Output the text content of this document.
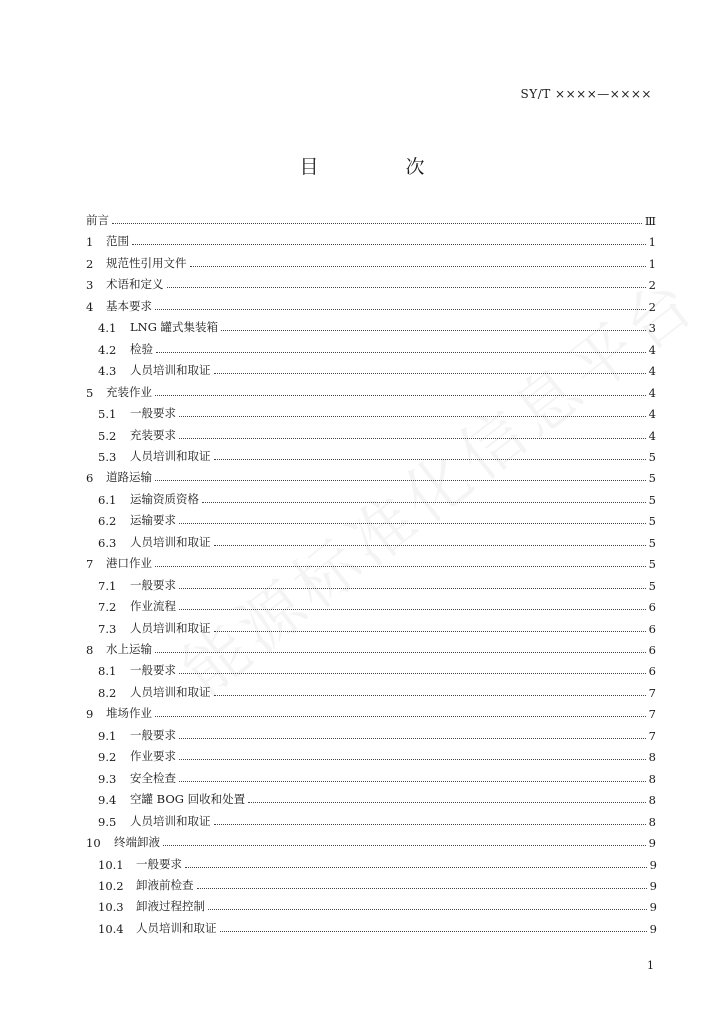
SY/T ××××—××××
目　次
前言	Ⅲ
1	范围	1
2	规范性引用文件	1
3	术语和定义	2
4	基本要求	2
4.1	LNG 罐式集装箱	3
4.2	检验	4
4.3	人员培训和取证	4
5	充装作业	4
5.1	一般要求	4
5.2	充装要求	4
5.3	人员培训和取证	5
6	道路运输	5
6.1	运输资质资格	5
6.2	运输要求	5
6.3	人员培训和取证	5
7	港口作业	5
7.1	一般要求	5
7.2	作业流程	6
7.3	人员培训和取证	6
8	水上运输	6
8.1	一般要求	6
8.2	人员培训和取证	7
9	堆场作业	7
9.1	一般要求	7
9.2	作业要求	8
9.3	安全检查	8
9.4	空罐 BOG 回收和处置	8
9.5	人员培训和取证	8
10	终端卸液	9
10.1	一般要求	9
10.2	卸液前检查	9
10.3	卸液过程控制	9
10.4	人员培训和取证	9
1
